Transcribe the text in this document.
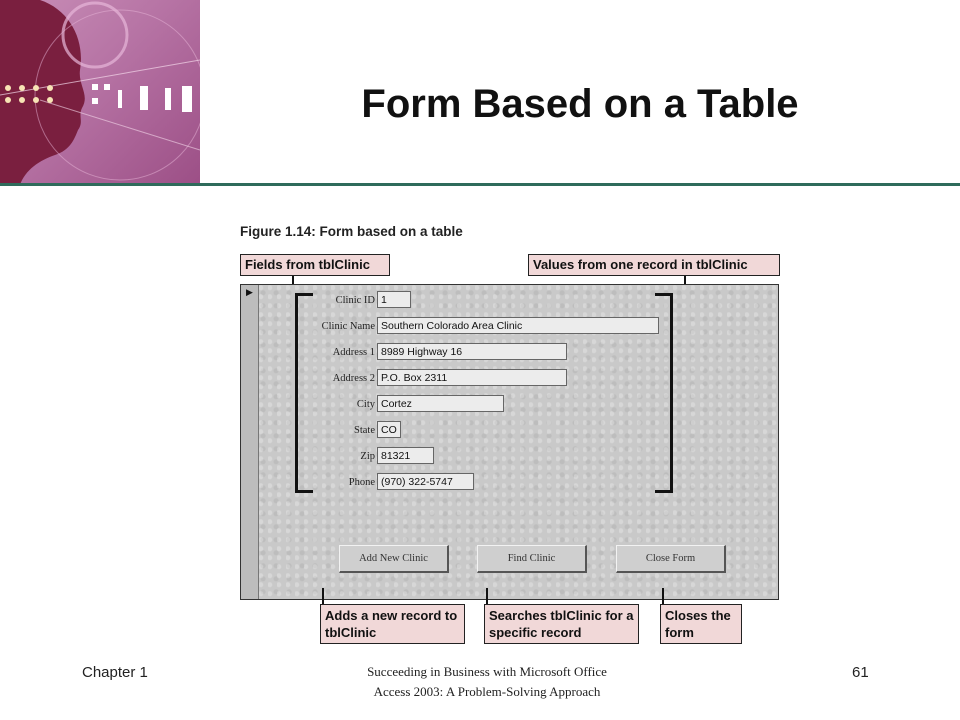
Form Based on a Table
Figure 1.14: Form based on a table
Fields from tblClinic	Values from one record in tblClinic
▶
Clinic ID 1
Clinic Name Southern Colorado Area Clinic
Address 1 8989 Highway 16
Address 2 P.O. Box 2311
City Cortez
State CO
Zip 81321
Phone (970) 322-5747
Add New Clinic	Find Clinic	Close Form
Adds a new record to tblClinic
Searches tblClinic for a specific record
Closes the form
Chapter 1	Succeeding in Business with Microsoft Office
Access 2003: A Problem-Solving Approach
61
